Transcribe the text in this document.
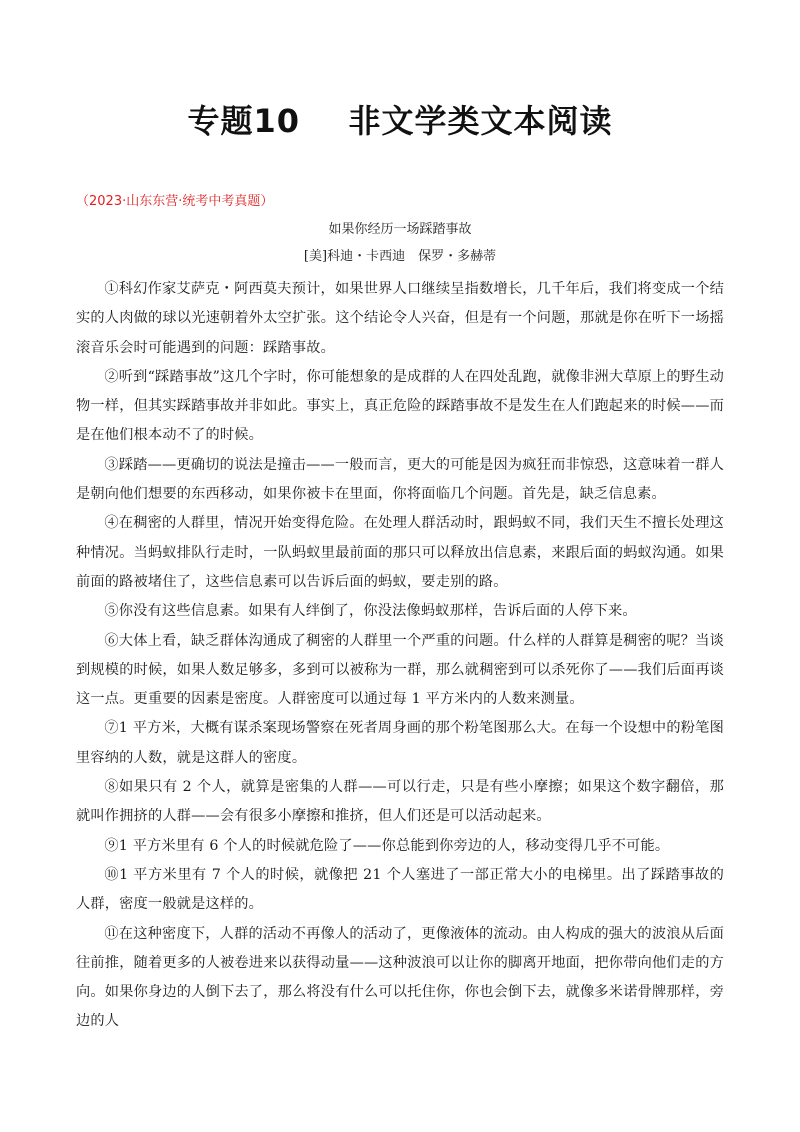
专题10    非文学类文本阅读
（2023·山东东营·统考中考真题）
如果你经历一场踩踏事故
[美]科迪・卡西迪　保罗・多赫蒂

①科幻作家艾萨克・阿西莫夫预计，如果世界人口继续呈指数增长，几千年后，我们将变成一个结实的人肉做的球以光速朝着外太空扩张。这个结论令人兴奋，但是有一个问题，那就是你在听下一场摇滚音乐会时可能遇到的问题：踩踏事故。

②听到“踩踏事故”这几个字时，你可能想象的是成群的人在四处乱跑，就像非洲大草原上的野生动物一样，但其实踩踏事故并非如此。事实上，真正危险的踩踏事故不是发生在人们跑起来的时候——而是在他们根本动不了的时候。

③踩踏——更确切的说法是撞击——一般而言，更大的可能是因为疯狂而非惊恐，这意味着一群人是朝向他们想要的东西移动，如果你被卡在里面，你将面临几个问题。首先是，缺乏信息素。

④在稠密的人群里，情况开始变得危险。在处理人群活动时，跟蚂蚁不同，我们天生不擅长处理这种情况。当蚂蚁排队行走时，一队蚂蚁里最前面的那只可以释放出信息素，来跟后面的蚂蚁沟通。如果前面的路被堵住了，这些信息素可以告诉后面的蚂蚁，要走别的路。

⑤你没有这些信息素。如果有人绊倒了，你没法像蚂蚁那样，告诉后面的人停下来。

⑥大体上看，缺乏群体沟通成了稠密的人群里一个严重的问题。什么样的人群算是稠密的呢？当谈到规模的时候，如果人数足够多，多到可以被称为一群，那么就稠密到可以杀死你了——我们后面再谈这一点。更重要的因素是密度。人群密度可以通过每 1 平方米内的人数来测量。

⑦1 平方米，大概有谋杀案现场警察在死者周身画的那个粉笔图那么大。在每一个设想中的粉笔图里容纳的人数，就是这群人的密度。

⑧如果只有 2 个人，就算是密集的人群——可以行走，只是有些小摩擦；如果这个数字翻倍，那就叫作拥挤的人群——会有很多小摩擦和推挤，但人们还是可以活动起来。

⑨1 平方米里有 6 个人的时候就危险了——你总能到你旁边的人，移动变得几乎不可能。

⑩1 平方米里有 7 个人的时候，就像把 21 个人塞进了一部正常大小的电梯里。出了踩踏事故的人群，密度一般就是这样的。

⑪在这种密度下，人群的活动不再像人的活动了，更像液体的流动。由人构成的强大的波浪从后面往前推，随着更多的人被卷进来以获得动量——这种波浪可以让你的脚离开地面，把你带向他们走的方向。如果你身边的人倒下去了，那么将没有什么可以托住你，你也会倒下去，就像多米诺骨牌那样，旁边的人
